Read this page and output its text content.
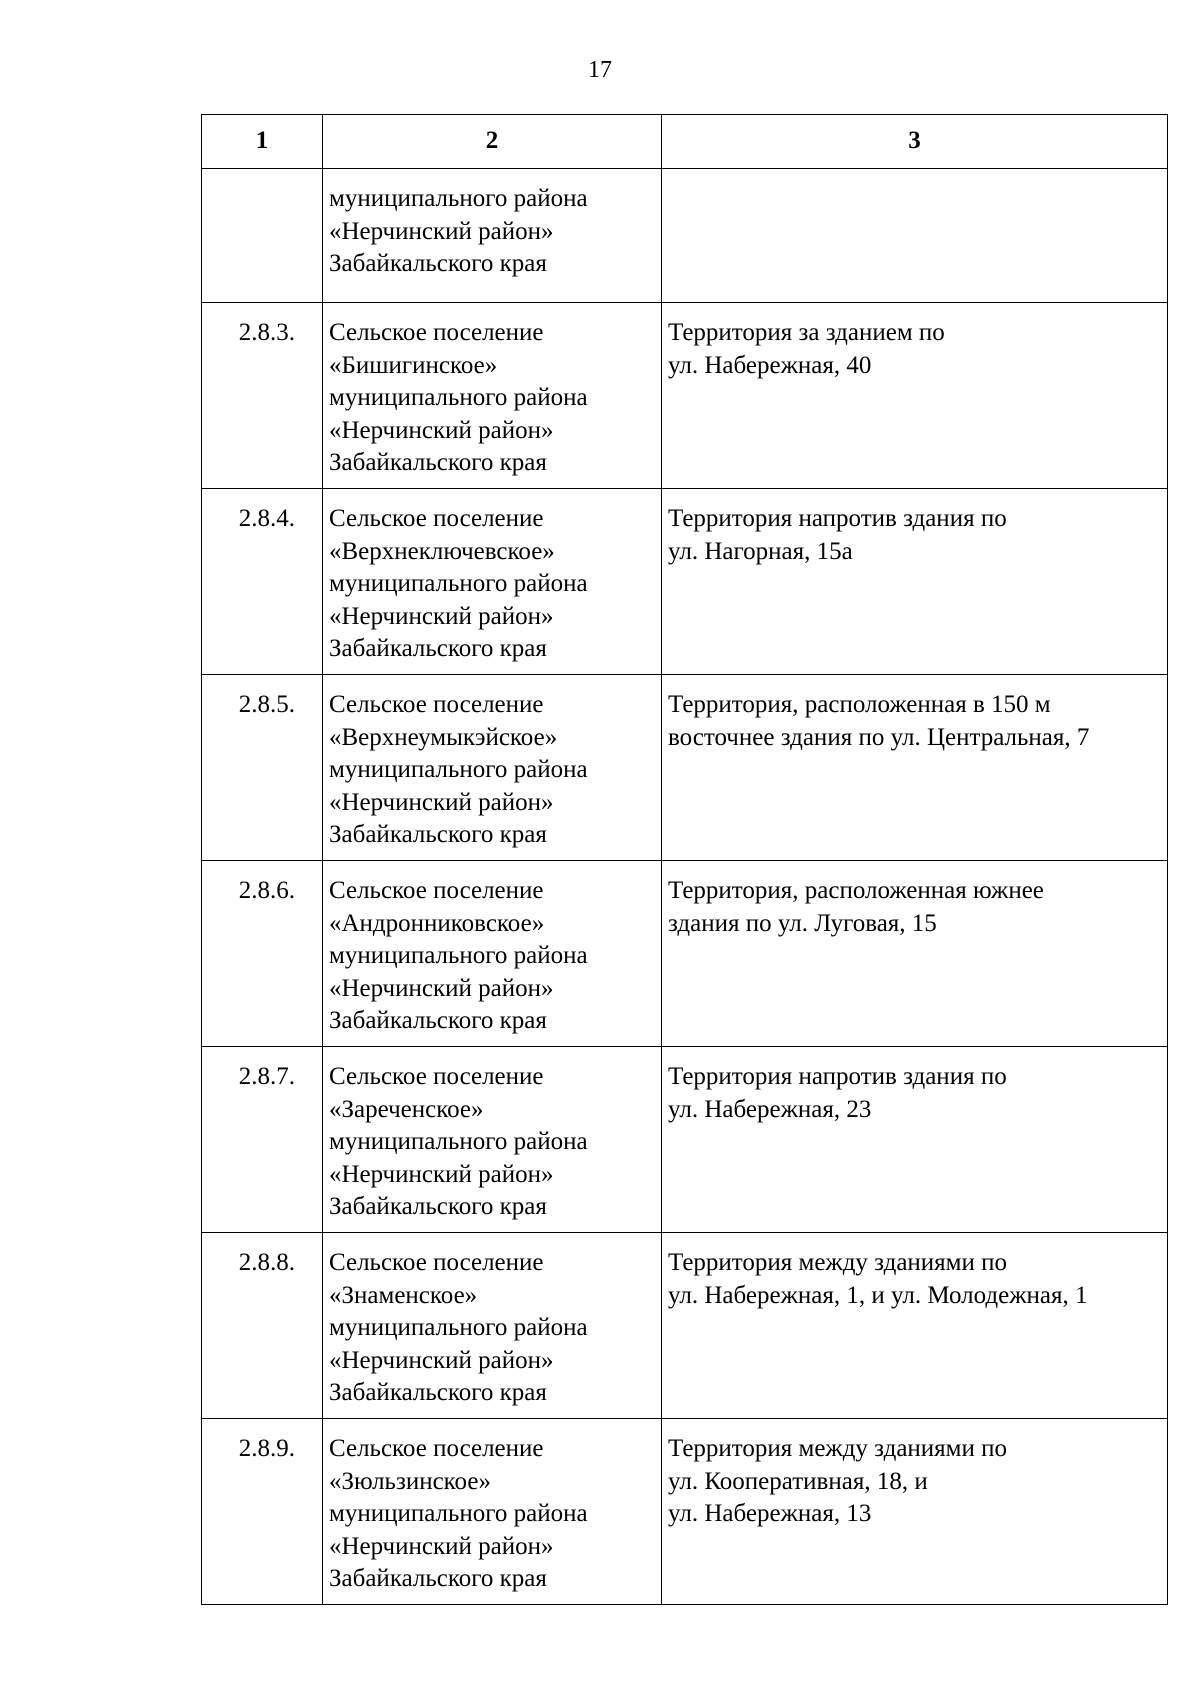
17
1	2	3

	муниципального района
«Нерчинский район»
Забайкальского края	

2.8.3.	Сельское поселение
«Бишигинское»
муниципального района
«Нерчинский район»
Забайкальского края	Территория за зданием по
ул. Набережная, 40

2.8.4.	Сельское поселение
«Верхнеключевское»
муниципального района
«Нерчинский район»
Забайкальского края	Территория напротив здания по
ул. Нагорная, 15а

2.8.5.	Сельское поселение
«Верхнеумыкэйское»
муниципального района
«Нерчинский район»
Забайкальского края	Территория, расположенная в 150 м
восточнее здания по ул. Центральная, 7

2.8.6.	Сельское поселение
«Андронниковское»
муниципального района
«Нерчинский район»
Забайкальского края	Территория, расположенная южнее
здания по ул. Луговая, 15

2.8.7.	Сельское поселение
«Зареченское»
муниципального района
«Нерчинский район»
Забайкальского края	Территория напротив здания по
ул. Набережная, 23

2.8.8.	Сельское поселение
«Знаменское»
муниципального района
«Нерчинский район»
Забайкальского края	Территория между зданиями по
ул. Набережная, 1, и ул. Молодежная, 1

2.8.9.	Сельское поселение
«Зюльзинское»
муниципального района
«Нерчинский район»
Забайкальского края	Территория между зданиями по
ул. Кооперативная, 18, и
ул. Набережная, 13
